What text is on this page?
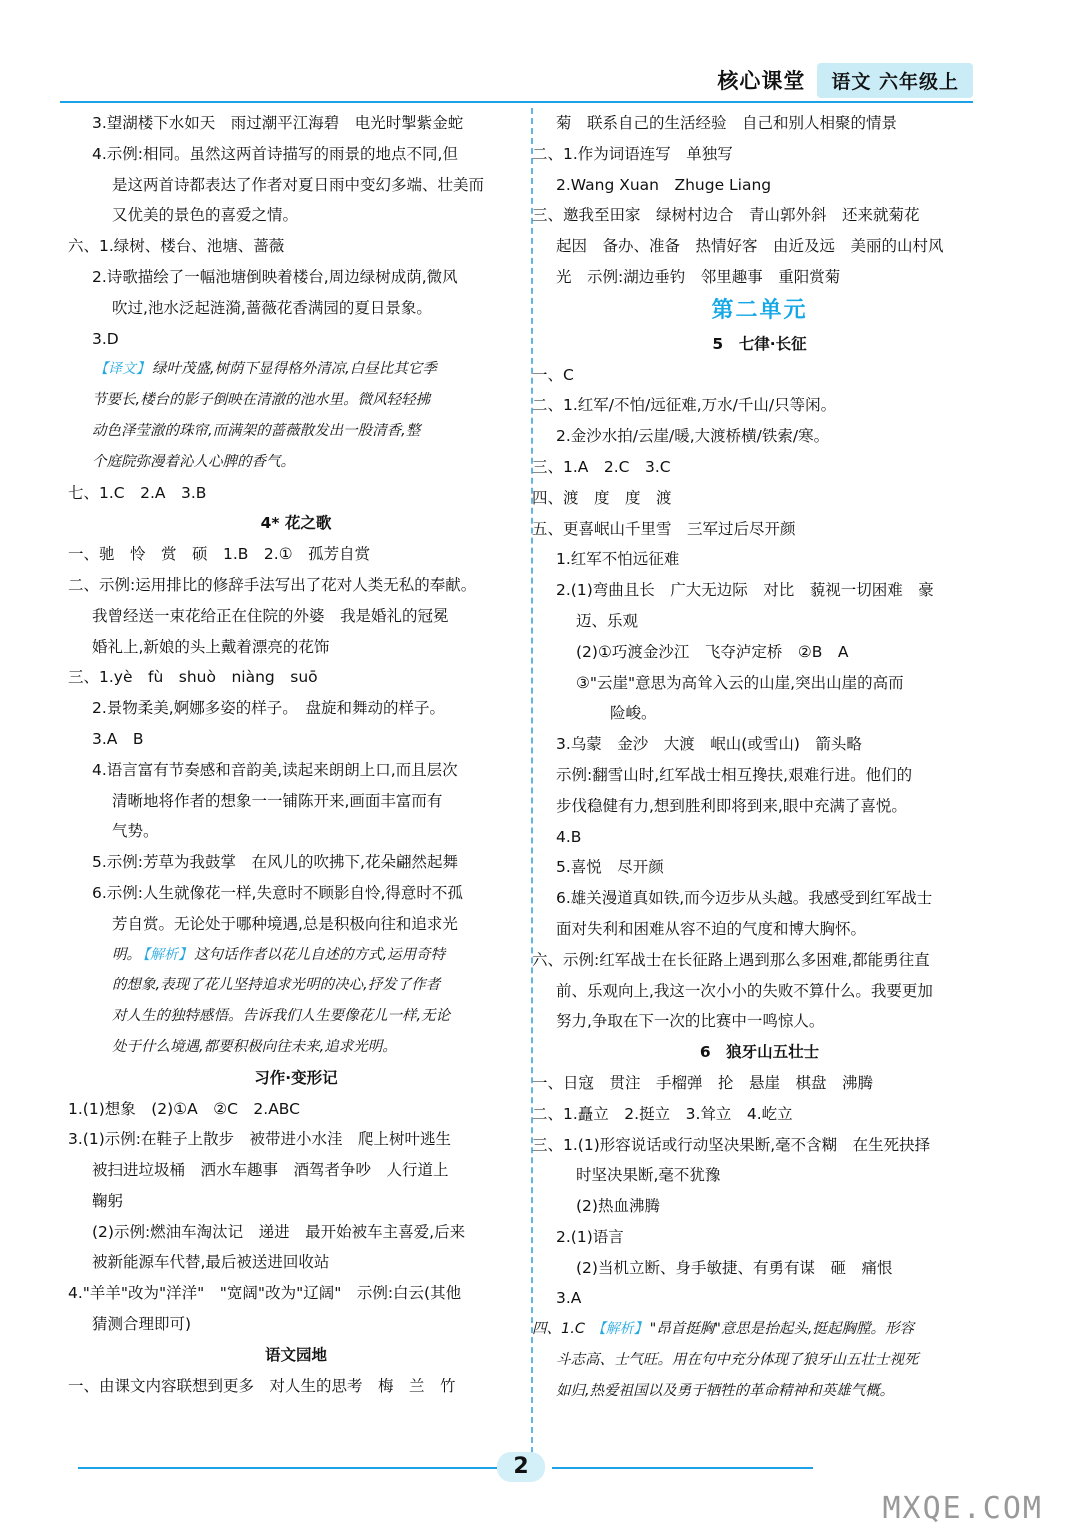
核心课堂	语文 六年级上
3.望湖楼下水如天　雨过潮平江海碧　电光时掣紫金蛇
4.示例:相同。虽然这两首诗描写的雨景的地点不同,但
是这两首诗都表达了作者对夏日雨中变幻多端、壮美而
又优美的景色的喜爱之情。
六、1.绿树、楼台、池塘、蔷薇
2.诗歌描绘了一幅池塘倒映着楼台,周边绿树成荫,微风
吹过,池水泛起涟漪,蔷薇花香满园的夏日景象。
3.D
【译文】 绿叶茂盛,树荫下显得格外清凉,白昼比其它季
节要长,楼台的影子倒映在清澈的池水里。微风轻轻拂
动色泽莹澈的珠帘,而满架的蔷薇散发出一股清香,整
个庭院弥漫着沁人心脾的香气。
七、1.C　2.A　3.B
4* 花之歌
一、驰　怜　赏　硕　1.B　2.①　孤芳自赏
二、示例:运用排比的修辞手法写出了花对人类无私的奉献。
我曾经送一束花给正在住院的外婆　我是婚礼的冠冕
婚礼上,新娘的头上戴着漂亮的花饰
三、1.yè　fù　shuò　niàng　suō
2.景物柔美,婀娜多姿的样子。　盘旋和舞动的样子。
3.A　B
4.语言富有节奏感和音韵美,读起来朗朗上口,而且层次
清晰地将作者的想象一一铺陈开来,画面丰富而有
气势。
5.示例:芳草为我鼓掌　在风儿的吹拂下,花朵翩然起舞
6.示例:人生就像花一样,失意时不顾影自怜,得意时不孤
芳自赏。无论处于哪种境遇,总是积极向往和追求光
明。 【解析】 这句话作者以花儿自述的方式,运用奇特
的想象,表现了花儿坚持追求光明的决心,抒发了作者
对人生的独特感悟。告诉我们人生要像花儿一样,无论
处于什么境遇,都要积极向往未来,追求光明。
习作·变形记
1.(1)想象　(2)①A　②C　2.ABC
3.(1)示例:在鞋子上散步　被带进小水洼　爬上树叶逃生
被扫进垃圾桶　洒水车趣事　酒驾者争吵　人行道上
鞠躬
(2)示例:燃油车淘汰记　递进　最开始被车主喜爱,后来
被新能源车代替,最后被送进回收站
4."羊羊"改为"洋洋"　"宽阔"改为"辽阔"　示例:白云(其他
猜测合理即可)
语文园地
一、由课文内容联想到更多　对人生的思考　梅　兰　竹
菊　联系自己的生活经验　自己和别人相聚的情景
二、1.作为词语连写　单独写
2.Wang Xuan　Zhuge Liang
三、邀我至田家　绿树村边合　青山郭外斜　还来就菊花
起因　备办、准备　热情好客　由近及远　美丽的山村风
光　示例:湖边垂钓　邻里趣事　重阳赏菊
第二单元
5　七律·长征
一、C
二、1.红军/不怕/远征难,万水/千山/只等闲。
2.金沙水拍/云崖/暖,大渡桥横/铁索/寒。
三、1.A　2.C　3.C
四、渡　度　度　渡
五、更喜岷山千里雪　三军过后尽开颜
1.红军不怕远征难
2.(1)弯曲且长　广大无边际　对比　藐视一切困难　豪
迈、乐观
(2)①巧渡金沙江　飞夺泸定桥　②B　A
③"云崖"意思为高耸入云的山崖,突出山崖的高而
险峻。
3.乌蒙　金沙　大渡　岷山(或雪山)　箭头略
示例:翻雪山时,红军战士相互搀扶,艰难行进。他们的
步伐稳健有力,想到胜利即将到来,眼中充满了喜悦。
4.B
5.喜悦　尽开颜
6.雄关漫道真如铁,而今迈步从头越。我感受到红军战士
面对失利和困难从容不迫的气度和博大胸怀。
六、示例:红军战士在长征路上遇到那么多困难,都能勇往直
前、乐观向上,我这一次小小的失败不算什么。我要更加
努力,争取在下一次的比赛中一鸣惊人。
6　狼牙山五壮士
一、日寇　贯注　手榴弹　抡　悬崖　棋盘　沸腾
二、1.矗立　2.挺立　3.耸立　4.屹立
三、1.(1)形容说话或行动坚决果断,毫不含糊　在生死抉择
时坚决果断,毫不犹豫
(2)热血沸腾
2.(1)语言
(2)当机立断、身手敏捷、有勇有谋　砸　痛恨
3.A
四、1.C 【解析】 "昂首挺胸"意思是抬起头,挺起胸膛。形容
斗志高、士气旺。用在句中充分体现了狼牙山五壮士视死
如归,热爱祖国以及勇于牺牲的革命精神和英雄气概。
2
MXQE.COM
